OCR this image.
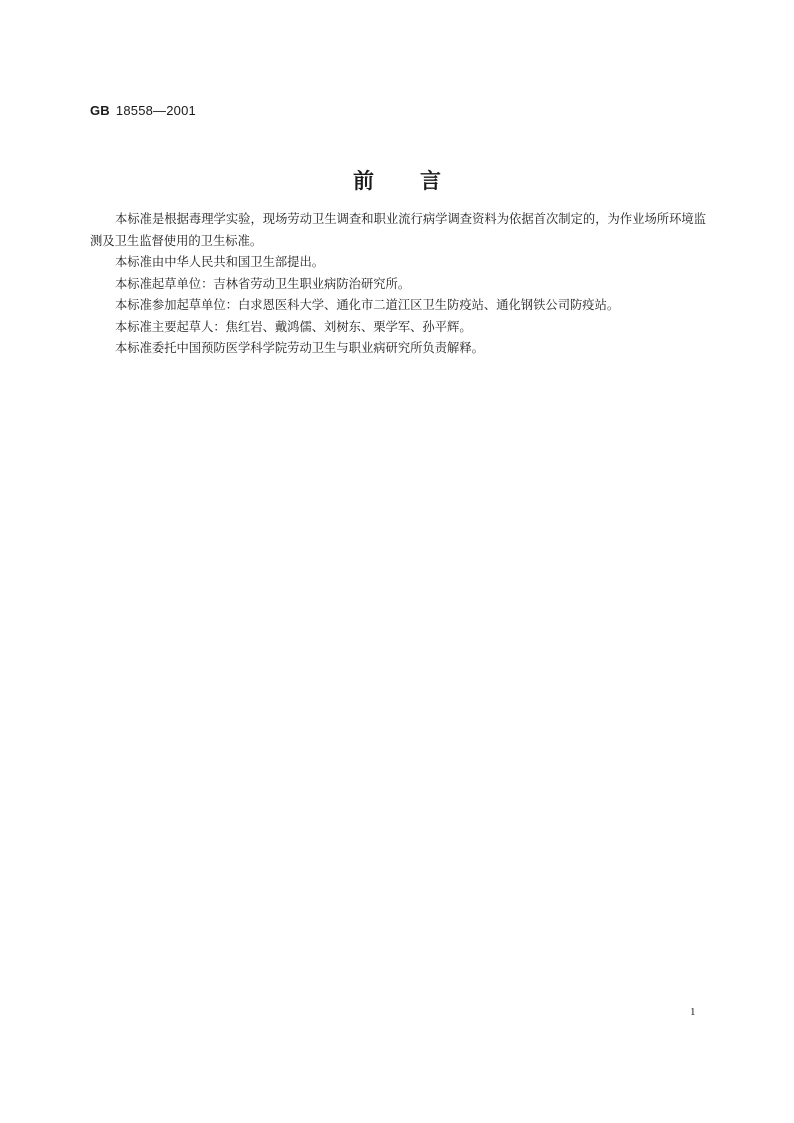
GB 18558—2001
前 言

本标准是根据毒理学实验，现场劳动卫生调查和职业流行病学调查资料为依据首次制定的，为作业场所环境监测及卫生监督使用的卫生标准。

本标准由中华人民共和国卫生部提出。

本标准起草单位：吉林省劳动卫生职业病防治研究所。

本标准参加起草单位：白求恩医科大学、通化市二道江区卫生防疫站、通化钢铁公司防疫站。

本标准主要起草人：焦红岩、戴鸿儒、刘树东、栗学军、孙平辉。

本标准委托中国预防医学科学院劳动卫生与职业病研究所负责解释。

1
